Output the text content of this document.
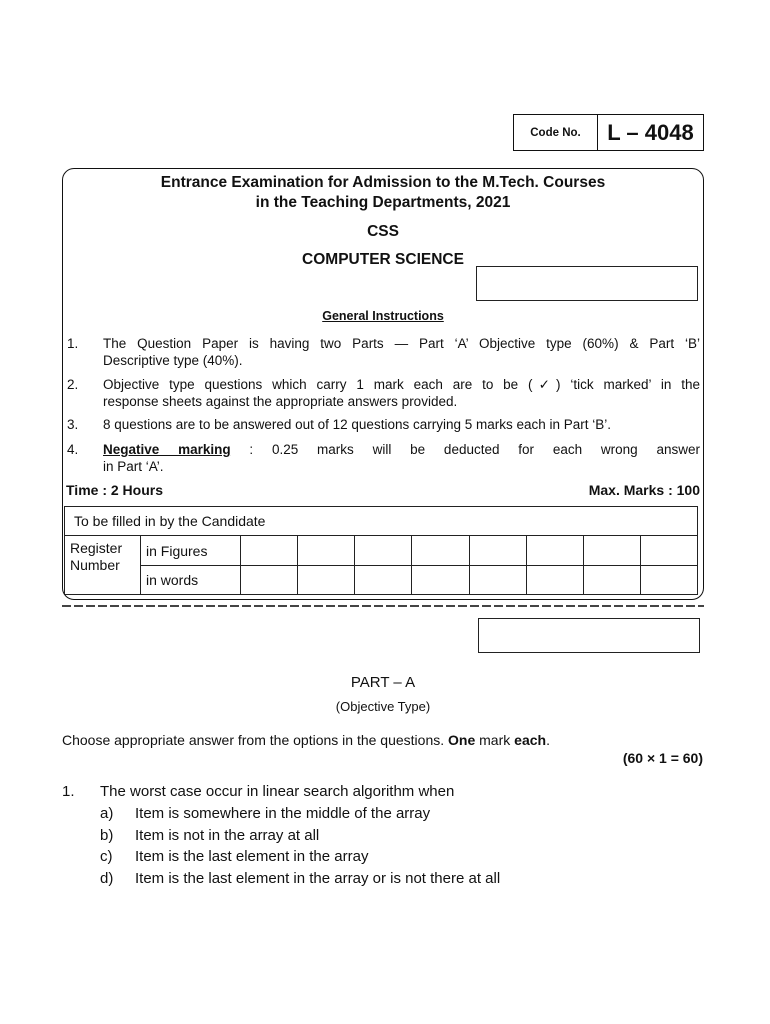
Code No.	L – 4048
Entrance Examination for Admission to the M.Tech. Courses
in the Teaching Departments, 2021
CSS
COMPUTER SCIENCE
General Instructions
1. The Question Paper is having two Parts — Part ‘A’ Objective type (60%) & Part ‘B’
Descriptive type (40%).
2. Objective type questions which carry 1 mark each are to be (✓) ‘tick marked’ in the
response sheets against the appropriate answers provided.
3. 8 questions are to be answered out of 12 questions carrying 5 marks each in Part ‘B’.
4. Negative marking : 0.25 marks will be deducted for each wrong answer
in Part ‘A’.
Time : 2 Hours	Max. Marks : 100
To be filled in by the Candidate									
Register Number	in Figures								
	in words								
PART – A
(Objective Type)
Choose appropriate answer from the options in the questions. One mark each.
(60 × 1 = 60)
1. The worst case occur in linear search algorithm when
a)	Item is somewhere in the middle of the array
b)	Item is not in the array at all
c)	Item is the last element in the array
d)	Item is the last element in the array or is not there at all
